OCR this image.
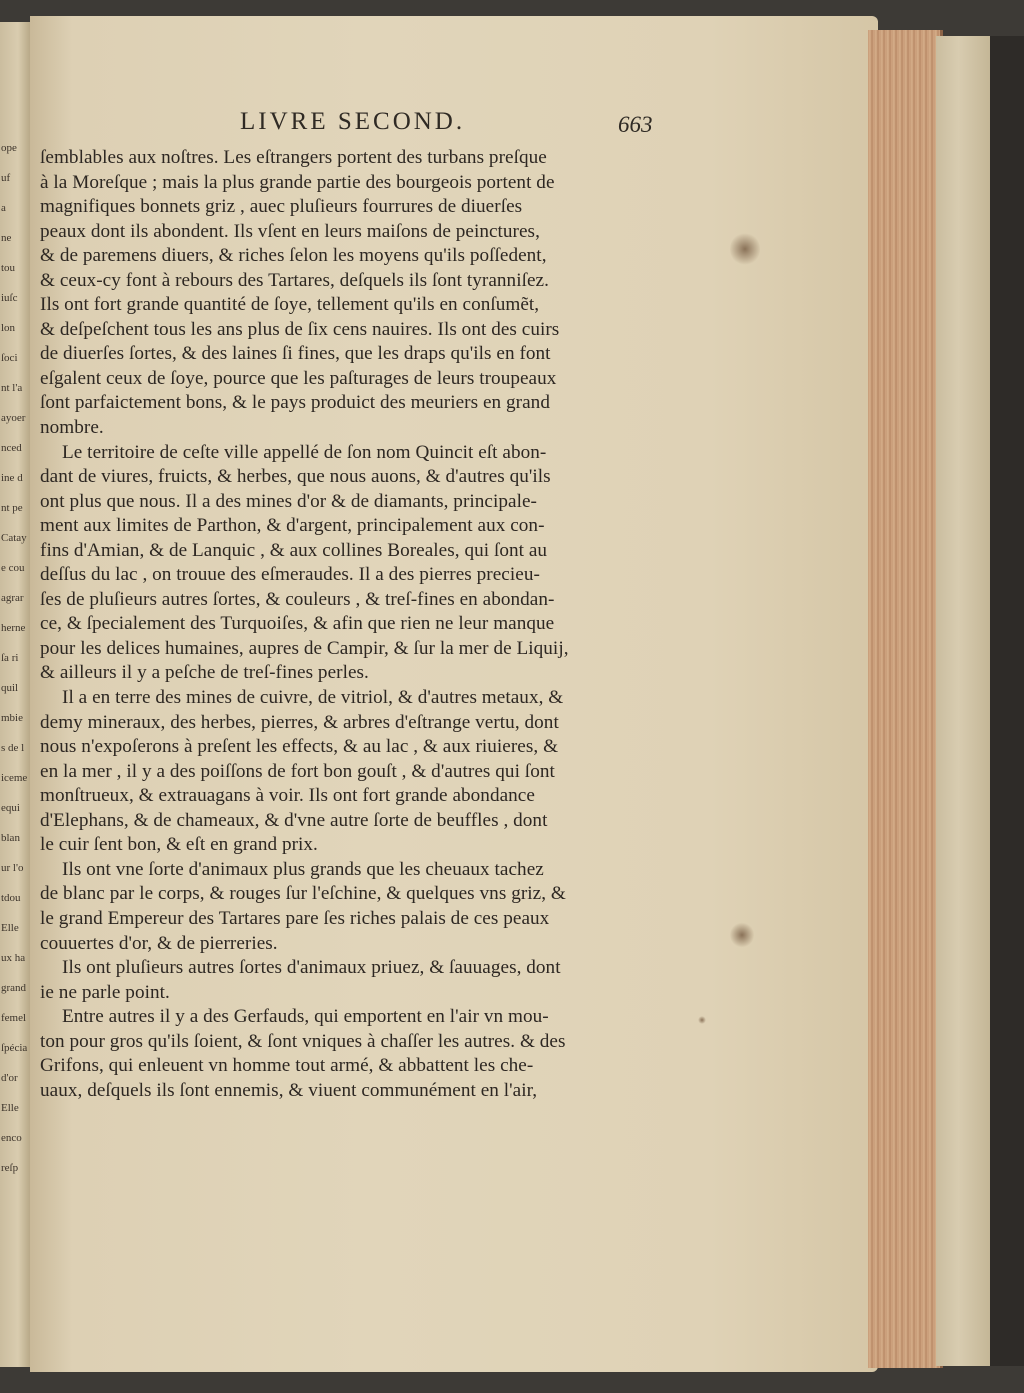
ope
uf
a
ne
tou
iuſc
lon
ſoci
nt l'a
ayoer
nced
ine d
nt pe
Catay
e cou
agrar
herne
ſa ri
quil
mbie
s de l
iceme
equi
blan
ur l'o
tdou
Elle
ux ha
grand
femel
ſpécia
d'or
Elle
enco
reſp
LIVRE SECOND.	663
ſemblables aux noſtres. Les eſtrangers portent des turbans preſque
à la Moreſque ; mais la plus grande partie des bourgeois portent de
magnifiques bonnets griz , auec pluſieurs fourrures de diuerſes
peaux dont ils abondent. Ils vſent en leurs maiſons de peinctures,
& de paremens diuers, & riches ſelon les moyens qu'ils poſſedent,
& ceux-cy font à rebours des Tartares, deſquels ils ſont tyranniſez.
Ils ont fort grande quantité de ſoye, tellement qu'ils en conſumẽt,
& deſpeſchent tous les ans plus de ſix cens nauires. Ils ont des cuirs
de diuerſes ſortes, & des laines ſi fines, que les draps qu'ils en font
eſgalent ceux de ſoye, pource que les paſturages de leurs troupeaux
ſont parfaictement bons, & le pays produict des meuriers en grand
nombre.
Le territoire de ceſte ville appellé de ſon nom Quincit eſt abon-
dant de viures, fruicts, & herbes, que nous auons, & d'autres qu'ils
ont plus que nous. Il a des mines d'or & de diamants, principale-
ment aux limites de Parthon, & d'argent, principalement aux con-
fins d'Amian, & de Lanquic , & aux collines Boreales, qui ſont au
deſſus du lac , on trouue des eſmeraudes. Il a des pierres precieu-
ſes de pluſieurs autres ſortes, & couleurs , & treſ-fines en abondan-
ce, & ſpecialement des Turquoiſes, & afin que rien ne leur manque
pour les delices humaines, aupres de Campir, & ſur la mer de Liquij,
& ailleurs il y a peſche de treſ-fines perles.
Il a en terre des mines de cuivre, de vitriol, & d'autres metaux, &
demy mineraux, des herbes, pierres, & arbres d'eſtrange vertu, dont
nous n'expoſerons à preſent les effects, & au lac , & aux riuieres, &
en la mer , il y a des poiſſons de fort bon gouſt , & d'autres qui ſont
monſtrueux, & extrauagans à voir. Ils ont fort grande abondance
d'Elephans, & de chameaux, & d'vne autre ſorte de beuffles , dont
le cuir ſent bon, & eſt en grand prix.
Ils ont vne ſorte d'animaux plus grands que les cheuaux tachez
de blanc par le corps, & rouges ſur l'eſchine, & quelques vns griz, &
le grand Empereur des Tartares pare ſes riches palais de ces peaux
couuertes d'or, & de pierreries.
Ils ont pluſieurs autres ſortes d'animaux priuez, & ſauuages, dont
ie ne parle point.
Entre autres il y a des Gerfauds, qui emportent en l'air vn mou-
ton pour gros qu'ils ſoient, & ſont vniques à chaſſer les autres. & des
Grifons, qui enleuent vn homme tout armé, & abbattent les che-
uaux, deſquels ils ſont ennemis, & viuent communément en l'air,
